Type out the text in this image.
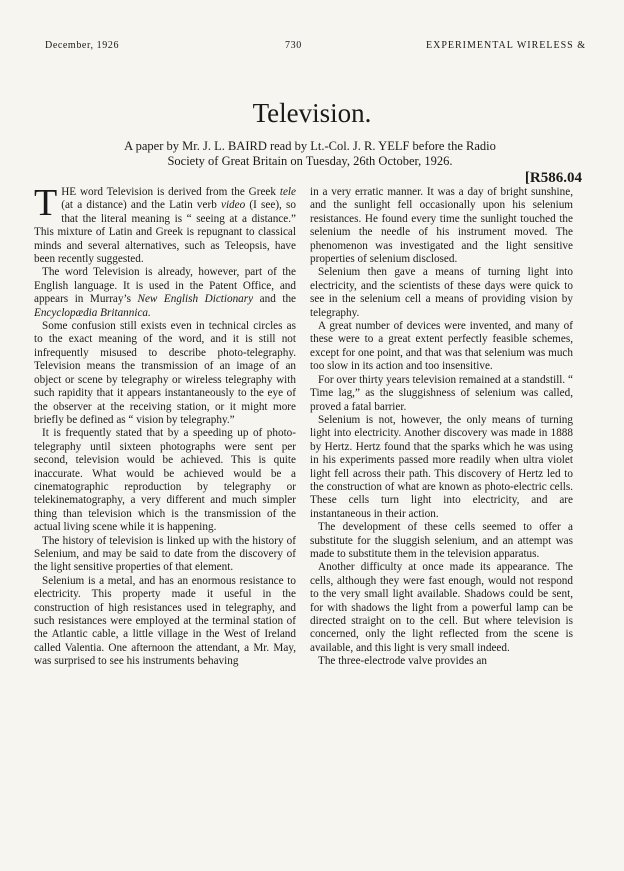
December, 1926	730	EXPERIMENTAL WIRELESS &
Television.
A paper by Mr. J. L. BAIRD read by Lt.-Col. J. R. YELF before the Radio
Society of Great Britain on Tuesday, 26th October, 1926.
[R586.04

THE word Television is derived from the Greek tele (at a distance) and the Latin verb video (I see), so that the literal meaning is “ seeing at a distance.” This mixture of Latin and Greek is repugnant to classical minds and several alternatives, such as Teleopsis, have been recently suggested.

The word Television is already, however, part of the English language. It is used in the Patent Office, and appears in Murray’s New English Dictionary and the Encyclopædia Britannica.

Some confusion still exists even in technical circles as to the exact meaning of the word, and it is still not infrequently misused to describe photo-telegraphy. Television means the transmission of an image of an object or scene by telegraphy or wireless telegraphy with such rapidity that it appears instantaneously to the eye of the observer at the receiving station, or it might more briefly be defined as “ vision by telegraphy.”

It is frequently stated that by a speeding up of photo-telegraphy until sixteen photographs were sent per second, television would be achieved. This is quite inaccurate. What would be achieved would be a cinematographic reproduction by telegraphy or telekinematography, a very different and much simpler thing than television which is the transmission of the actual living scene while it is happening.

The history of television is linked up with the history of Selenium, and may be said to date from the discovery of the light sensitive properties of that element.

Selenium is a metal, and has an enormous resistance to electricity. This property made it useful in the construction of high resistances used in telegraphy, and such resistances were employed at the terminal station of the Atlantic cable, a little village in the West of Ireland called Valentia. One afternoon the attendant, a Mr. May, was surprised to see his instruments behaving

in a very erratic manner. It was a day of bright sunshine, and the sunlight fell occasionally upon his selenium resistances. He found every time the sunlight touched the selenium the needle of his instrument moved. The phenomenon was investigated and the light sensitive properties of selenium disclosed.

Selenium then gave a means of turning light into electricity, and the scientists of these days were quick to see in the selenium cell a means of providing vision by telegraphy.

A great number of devices were invented, and many of these were to a great extent perfectly feasible schemes, except for one point, and that was that selenium was much too slow in its action and too insensitive.

For over thirty years television remained at a standstill. “ Time lag,” as the sluggishness of selenium was called, proved a fatal barrier.

Selenium is not, however, the only means of turning light into electricity. Another discovery was made in 1888 by Hertz. Hertz found that the sparks which he was using in his experiments passed more readily when ultra violet light fell across their path. This discovery of Hertz led to the construction of what are known as photo-electric cells. These cells turn light into electricity, and are instantaneous in their action.

The development of these cells seemed to offer a substitute for the sluggish selenium, and an attempt was made to substitute them in the television apparatus.

Another difficulty at once made its appearance. The cells, although they were fast enough, would not respond to the very small light available. Shadows could be sent, for with shadows the light from a powerful lamp can be directed straight on to the cell. But where television is concerned, only the light reflected from the scene is available, and this light is very small indeed.

The three-electrode valve provides an
